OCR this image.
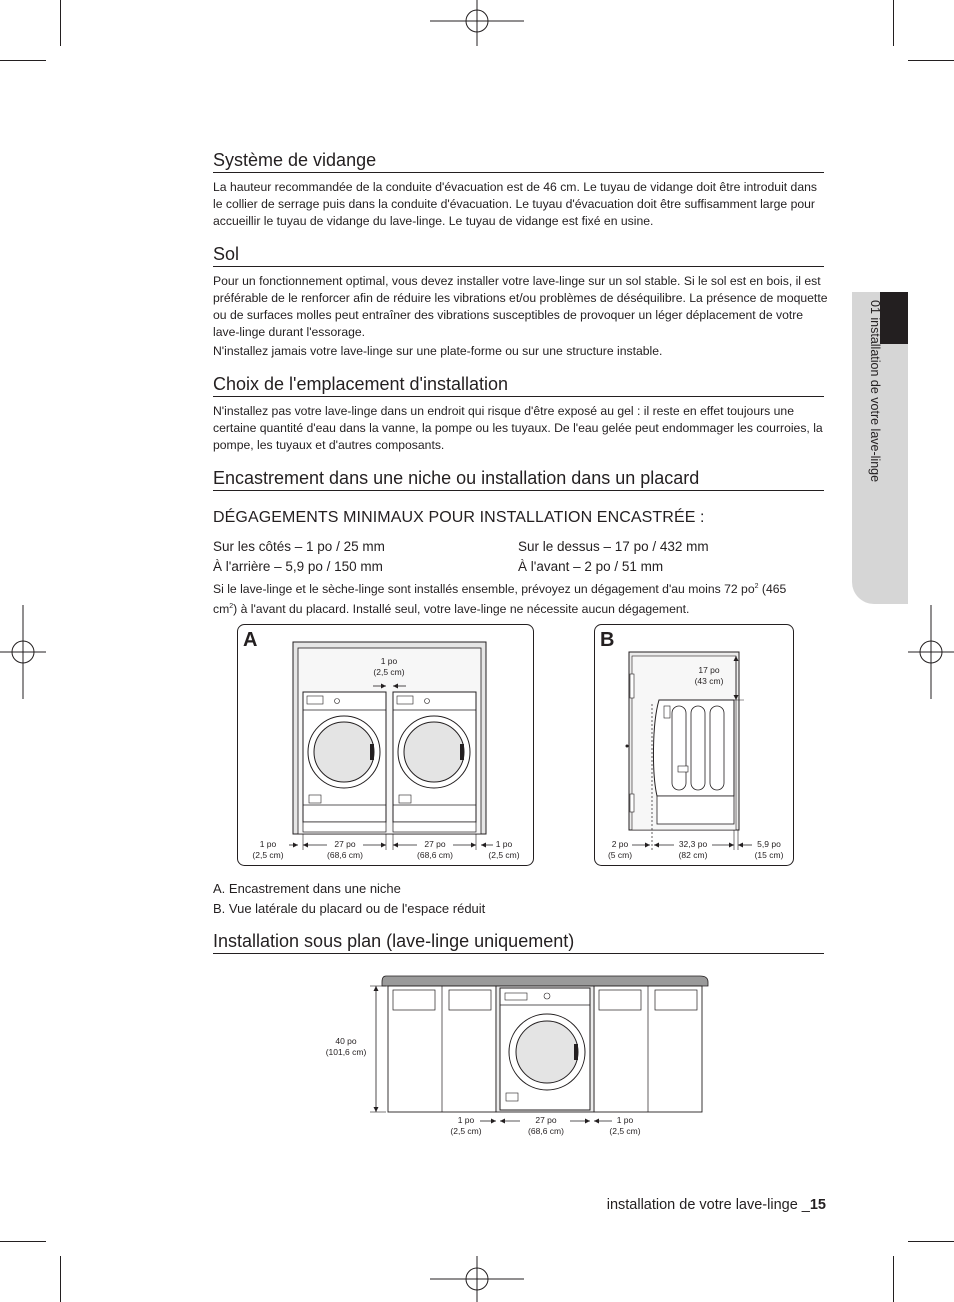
01 installation de votre lave-linge
Système de vidange

La hauteur recommandée de la conduite d'évacuation est de 46 cm. Le tuyau de vidange doit être introduit dans le collier de serrage puis dans la conduite d'évacuation. Le tuyau d'évacuation doit être suffisamment large pour accueillir le tuyau de vidange du lave-linge. Le tuyau de vidange est fixé en usine.

Sol

Pour un fonctionnement optimal, vous devez installer votre lave-linge sur un sol stable. Si le sol est en bois, il est préférable de le renforcer afin de réduire les vibrations et/ou problèmes de déséquilibre. La présence de moquette ou de surfaces molles peut entraîner des vibrations susceptibles de provoquer un léger déplacement de votre lave-linge durant l'essorage.

N'installez jamais votre lave-linge sur une plate-forme ou sur une structure instable.

Choix de l'emplacement d'installation

N'installez pas votre lave-linge dans un endroit qui risque d'être exposé au gel : il reste en effet toujours une certaine quantité d'eau dans la vanne, la pompe ou les tuyaux. De l'eau gelée peut endommager les courroies, la pompe, les tuyaux et d'autres composants.

Encastrement dans une niche ou installation dans un placard
DÉGAGEMENTS MINIMAUX POUR INSTALLATION ENCASTRÉE :
Sur les côtés – 1 po / 25 mm	Sur le dessus – 17 po / 432 mm
À l'arrière – 5,9 po / 150 mm	À l'avant – 2 po / 51 mm

Si le lave-linge et le sèche-linge sont installés ensemble, prévoyez un dégagement d'au moins 72 $po^2$ (465 $cm^2$) à l'avant du placard. Installé seul, votre lave-linge ne nécessite aucun dégagement.

A
1 po
(2,5 cm)
1 po
(2,5 cm)
27 po
(68,6 cm)
27 po
(68,6 cm)
1 po
(2,5 cm)
B
17 po
(43 cm)
2 po
(5 cm)
32,3 po
(82 cm)
5,9 po
(15 cm)
A. Encastrement dans une niche
B. Vue latérale du placard ou de l'espace réduit
Installation sous plan (lave-linge uniquement)
40 po
(101,6 cm)
1 po
(2,5 cm)
27 po
(68,6 cm)
1 po
(2,5 cm)
installation de votre lave-linge _15
